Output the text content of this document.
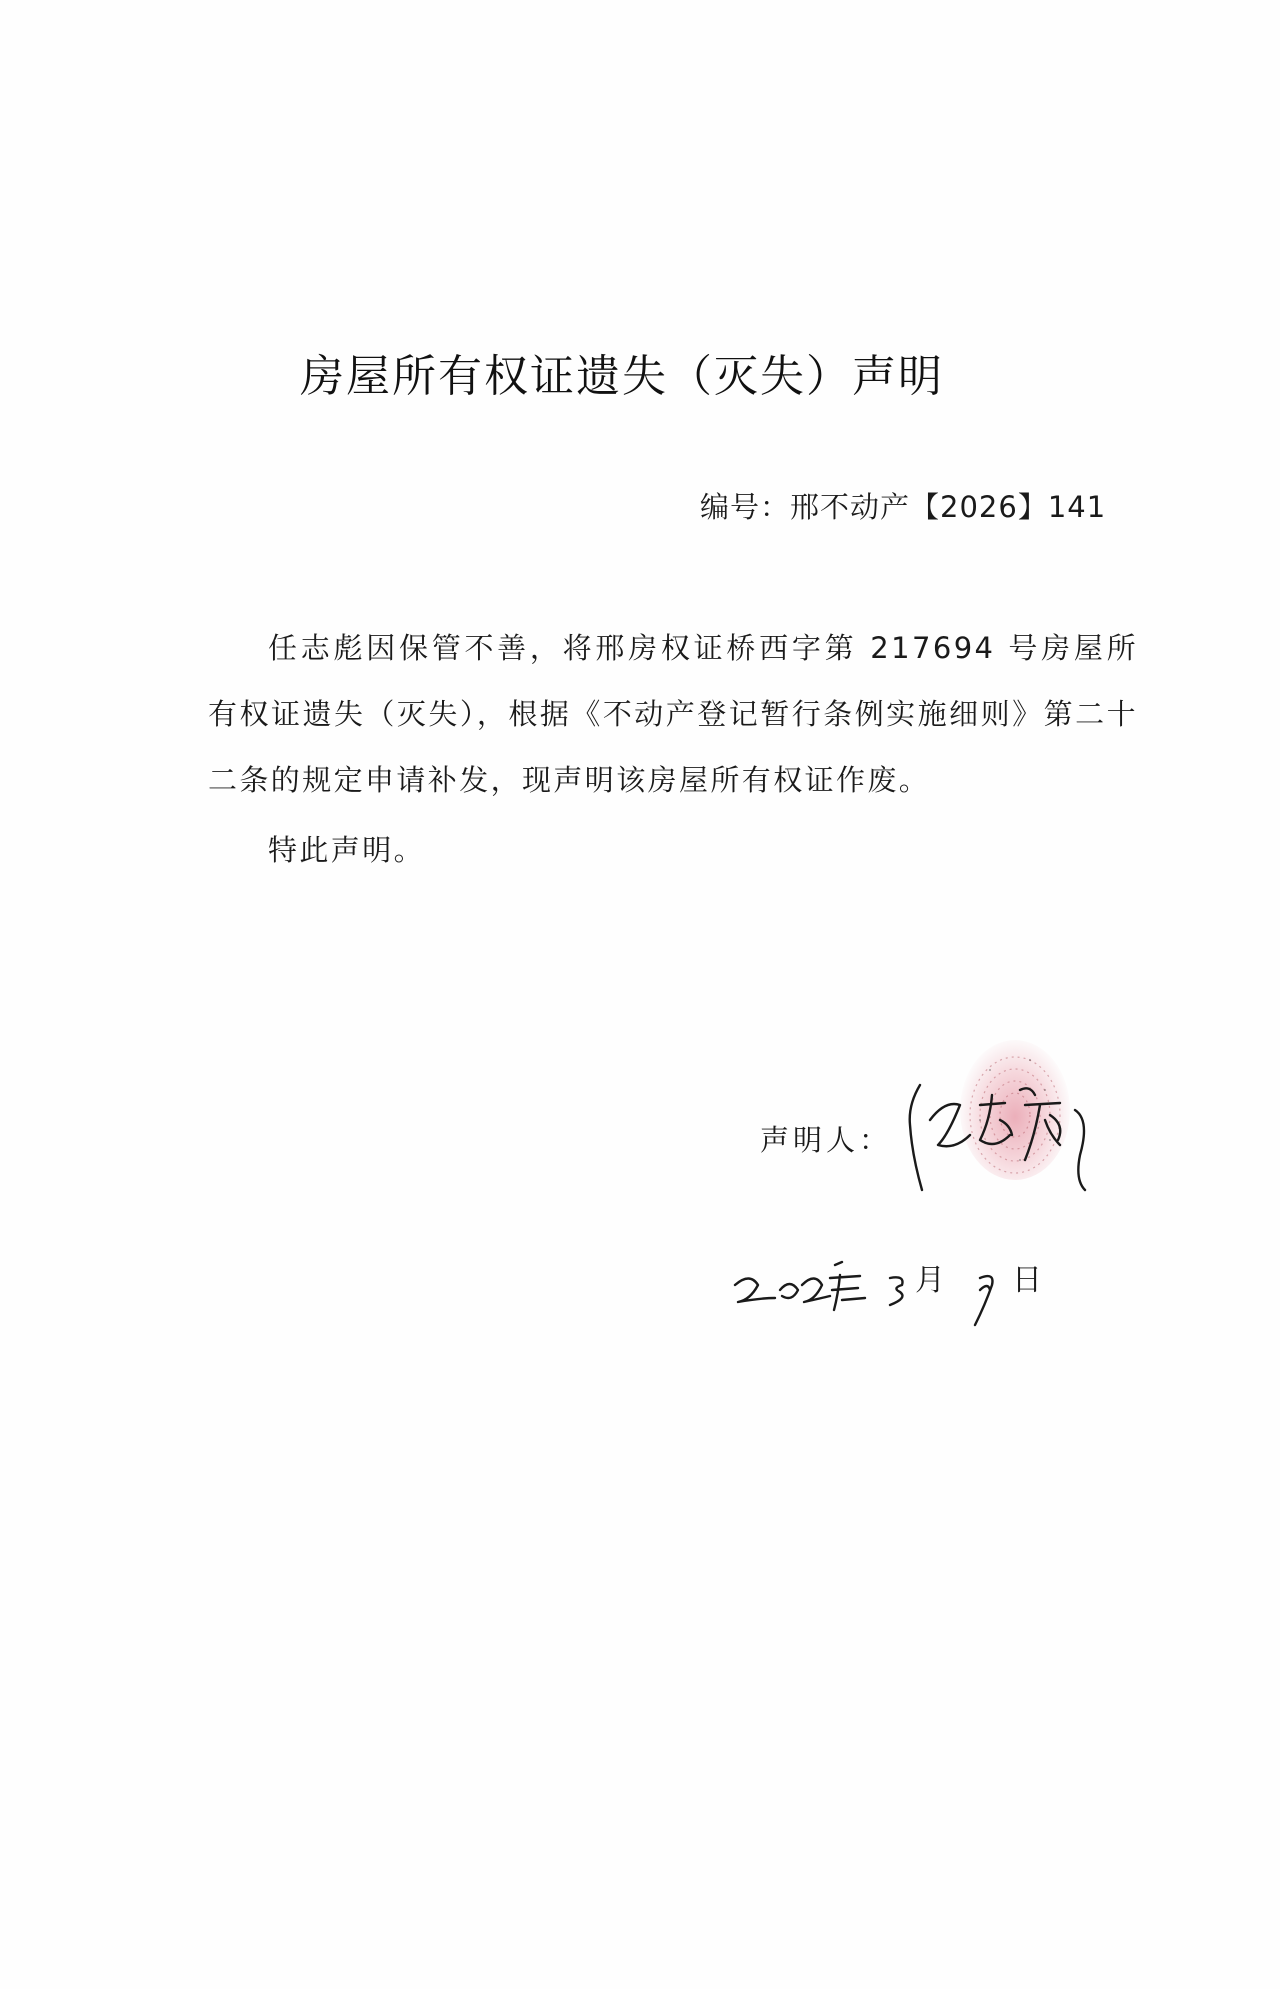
房屋所有权证遗失（灭失）声明
编号：邢不动产【2026】141

任志彪因保管不善，将邢房权证桥西字第 217694 号房屋所有权证遗失（灭失），根据《不动产登记暂行条例实施细则》第二十二条的规定申请补发，现声明该房屋所有权证作废。

特此声明。
声明人：
月 日
